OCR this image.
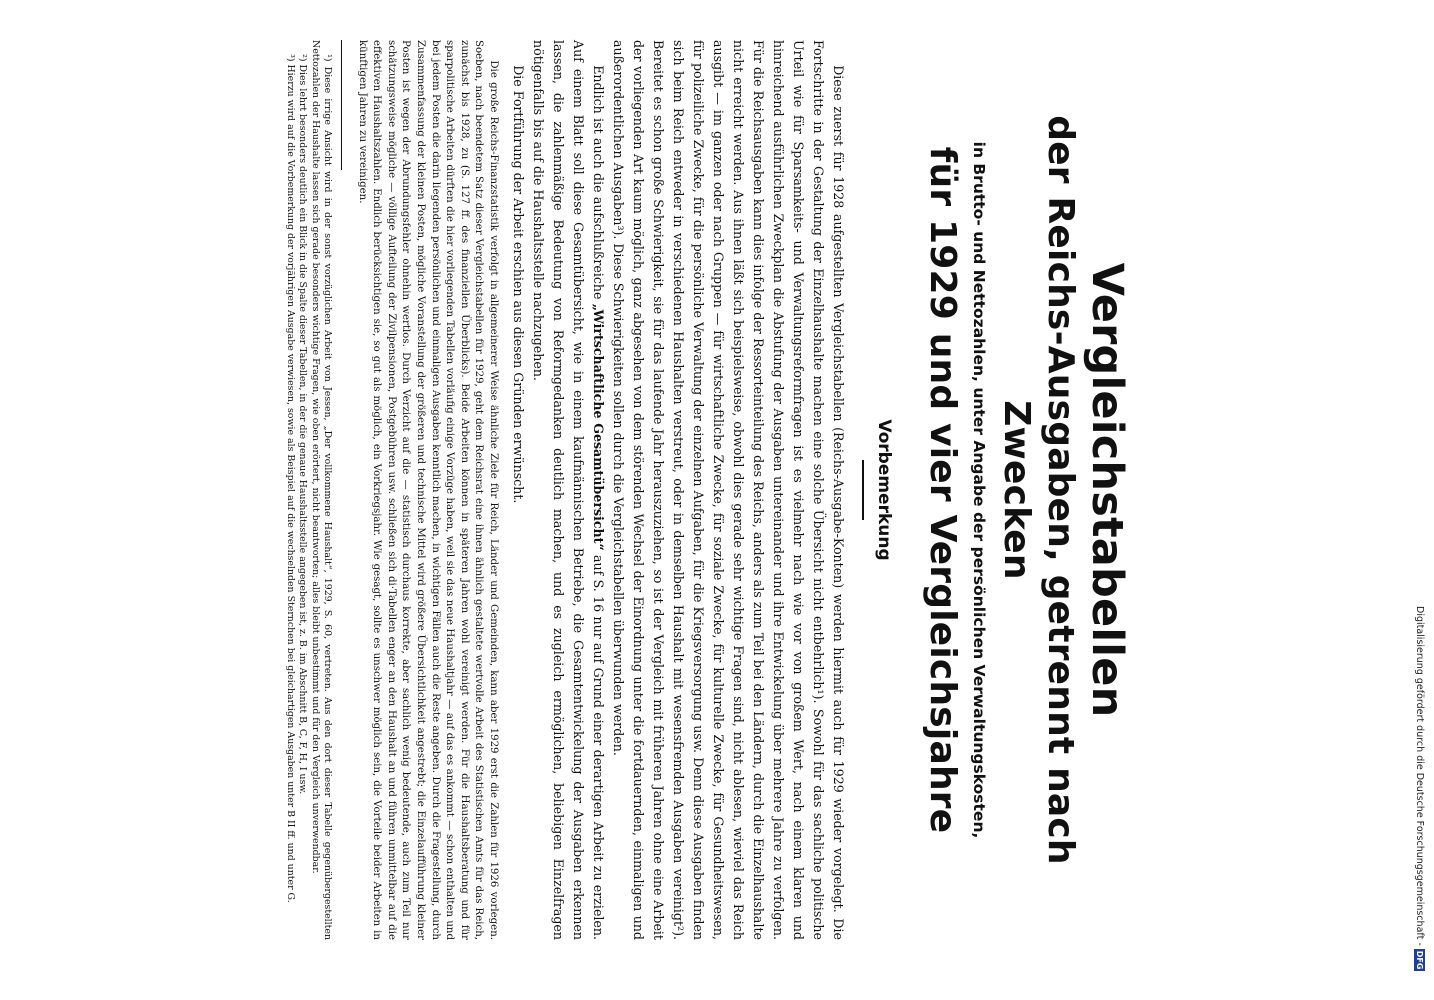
Vergleichstabellen
der Reichs-Ausgaben, getrennt nach Zwecken
in Brutto- und Nettozahlen, unter Angabe der persönlichen Verwaltungskosten,
für 1929 und vier Vergleichsjahre
Vorbemerkung

Diese zuerst für 1928 aufgestellten Vergleichstabellen (Reichs-Ausgabe-Konten) werden hiermit auch für 1929 wieder vorgelegt. Die Fortschritte in der Gestaltung der Einzelhaushalte machen eine solche Übersicht nicht entbehrlich¹). Sowohl für das sachliche politische Urteil wie für Sparsamkeits- und Verwaltungsreformfragen ist es vielmehr nach wie vor von großem Wert, nach einem klaren und hinreichend ausführlichen Zweckplan die Abstufung der Ausgaben untereinander und ihre Entwickelung über mehrere Jahre zu verfolgen. Für die Reichsausgaben kann dies infolge der Ressorteinteilung des Reichs, anders als zum Teil bei den Ländern, durch die Einzelhaushalte nicht erreicht werden. Aus ihnen läßt sich beispielsweise, obwohl dies gerade sehr wichtige Fragen sind, nicht ablesen, wieviel das Reich ausgibt — im ganzen oder nach Gruppen — für wirtschaftliche Zwecke, für soziale Zwecke, für kulturelle Zwecke, für Gesundheitswesen, für polizeiliche Zwecke, für die persönliche Verwaltung der einzelnen Aufgaben, für die Kriegsversorgung usw. Denn diese Ausgaben finden sich beim Reich entweder in verschiedenen Haushalten verstreut, oder in demselben Haushalt mit wesensfremden Ausgaben vereinigt²). Bereitet es schon große Schwierigkeit, sie für das laufende Jahr herauszuziehen, so ist der Vergleich mit früheren Jahren ohne eine Arbeit der vorliegenden Art kaum möglich, ganz abgesehen von dem störenden Wechsel der Einordnung unter die fortdauernden, einmaligen und außerordentlichen Ausgaben³). Diese Schwierigkeiten sollen durch die Vergleichstabellen überwunden werden.

Endlich ist auch die aufschlußreiche „Wirtschaftliche Gesamtübersicht“ auf S. 16 nur auf Grund einer derartigen Arbeit zu erzielen. Auf einem Blatt soll diese Gesamtübersicht, wie in einem kaufmännischen Betriebe, die Gesamtentwickelung der Ausgaben erkennen lassen, die zahlenmäßige Bedeutung von Reformgedanken deutlich machen, und es zugleich ermöglichen, beliebigen Einzelfragen nötigenfalls bis auf die Haushaltsstelle nachzugehen.

Die Fortführung der Arbeit erschien aus diesen Gründen erwünscht.

Die große Reichs-Finanzstatistik verfolgt in allgemeinerer Weise ähnliche Ziele für Reich, Länder und Gemeinden, kann aber 1929 erst die Zahlen für 1926 vorlegen. Soeben, nach beendetem Satz dieser Vergleichstabellen für 1929, geht dem Reichsrat eine ihnen ähnlich gestaltete wertvolle Arbeit des Statistischen Amts für das Reich, zunächst bis 1928, zu (S. 127 ff. des finanziellen Überblicks). Beide Arbeiten können in späteren Jahren wohl vereinigt werden. Für die Haushaltsberatung und für sparpolitische Arbeiten dürften die hier vorliegenden Tabellen vorläufig einige Vorzüge haben, weil sie das neue Haushaltjahr — auf das es ankommt — schon enthalten und bei jedem Posten die darin liegenden persönlichen und einmaligen Ausgaben kenntlich machen, in wichtigen Fällen auch die Reste angeben. Durch die Fragestellung, durch Zusammenfassung der kleinen Posten, mögliche Voranstellung der größeren und technische Mittel wird größere Übersichtlichkeit angestrebt; die Einzelaufführung kleiner Posten ist wegen der Abrundungsfehler ohnehin wertlos. Durch Verzicht auf die — statistisch durchaus korrekte, aber sachlich wenig bedeutende, auch zum Teil nur schätzungsweise mögliche — völlige Aufteilung der Zivilpensionen, Postgebühren usw. schließen sich di·Tabellen enger an den Haushalt an und führen unmittelbar auf die effektiven Haushaltszahlen. Endlich berücksichtigen sie, so gut als möglich, ein Vorkriegsjahr. Wie gesagt, sollte es unschwer möglich sein, die Vorteile beider Arbeiten in künftigen Jahren zu vereinigen.

¹) Diese irrige Ansicht wird in der sonst vorzüglichen Arbeit von Jessen, „Der vollkommene Haushalt“, 1929, S. 60, vertreten. Aus den dort dieser Tabelle gegenübergestellten Nettozahlen der Haushalte lassen sich gerade besonders wichtige Fragen, wie oben erörtert, nicht beantworten; alles bleibt unbestimmt und für den Vergleich unverwendbar.

²) Dies lehrt besonders deutlich ein Blick in die Spalte dieser Tabellen, in der die genaue Haushaltsstelle angegeben ist, z. B. im Abschnitt B, C, F, H, I usw.

³) Hierzu wird auf die Vorbemerkung der vorjährigen Ausgabe verwiesen, sowie als Beispiel auf die wechselnden Sternchen bei gleichartigen Ausgaben unter B II ff. und unter G.	Digitalisierung gefördert durch die Deutsche Forschungsgemeinschaft -DFG
